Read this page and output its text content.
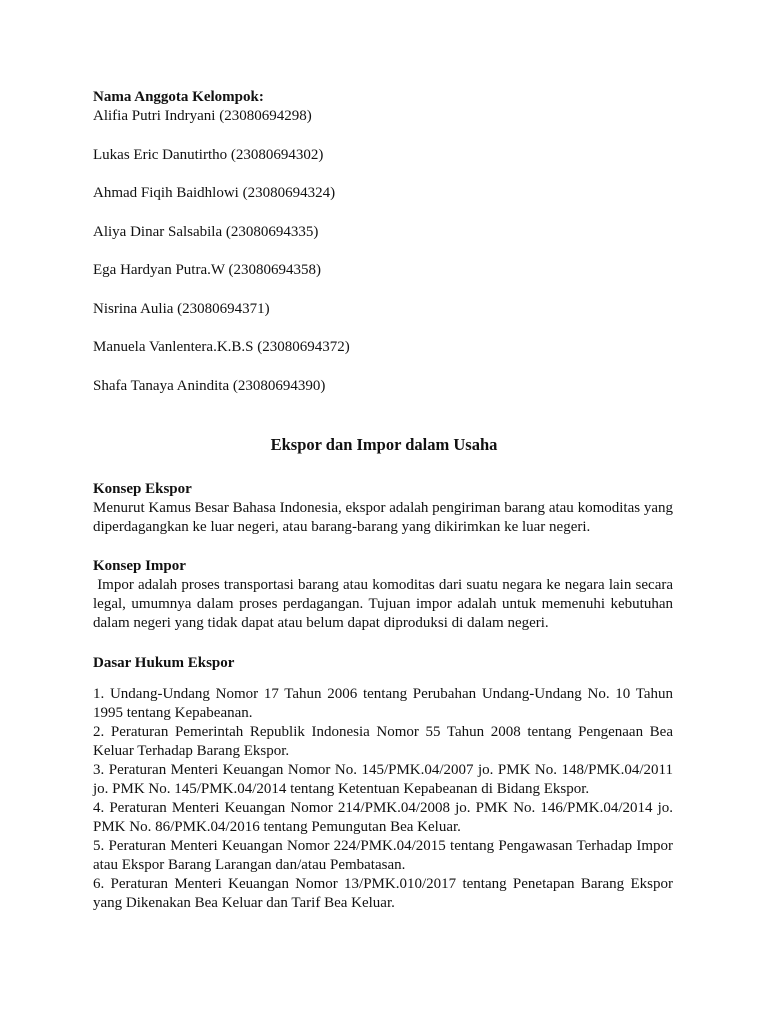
Nama Anggota Kelompok:
Alifia Putri Indryani (23080694298)
Lukas Eric Danutirtho (23080694302)
Ahmad Fiqih Baidhlowi (23080694324)
Aliya Dinar Salsabila (23080694335)
Ega Hardyan Putra.W (23080694358)
Nisrina Aulia (23080694371)
Manuela Vanlentera.K.B.S (23080694372)
Shafa Tanaya Anindita (23080694390)
Ekspor dan Impor dalam Usaha
Konsep Ekspor

Menurut Kamus Besar Bahasa Indonesia, ekspor adalah pengiriman barang atau komoditas yang diperdagangkan ke luar negeri, atau barang-barang yang dikirimkan ke luar negeri.

Konsep Impor

Impor adalah proses transportasi barang atau komoditas dari suatu negara ke negara lain secara legal, umumnya dalam proses perdagangan. Tujuan impor adalah untuk memenuhi kebutuhan dalam negeri yang tidak dapat atau belum dapat diproduksi di dalam negeri.

Dasar Hukum Ekspor
1. Undang-Undang Nomor 17 Tahun 2006 tentang Perubahan Undang-Undang No. 10 Tahun 1995 tentang Kepabeanan.
2. Peraturan Pemerintah Republik Indonesia Nomor 55 Tahun 2008 tentang Pengenaan Bea Keluar Terhadap Barang Ekspor.
3. Peraturan Menteri Keuangan Nomor No. 145/PMK.04/2007 jo. PMK No. 148/PMK.04/2011 jo. PMK No. 145/PMK.04/2014 tentang Ketentuan Kepabeanan di Bidang Ekspor.
4. Peraturan Menteri Keuangan Nomor 214/PMK.04/2008 jo. PMK No. 146/PMK.04/2014 jo. PMK No. 86/PMK.04/2016 tentang Pemungutan Bea Keluar.
5. Peraturan Menteri Keuangan Nomor 224/PMK.04/2015 tentang Pengawasan Terhadap Impor atau Ekspor Barang Larangan dan/atau Pembatasan.
6. Peraturan Menteri Keuangan Nomor 13/PMK.010/2017 tentang Penetapan Barang Ekspor yang Dikenakan Bea Keluar dan Tarif Bea Keluar.
